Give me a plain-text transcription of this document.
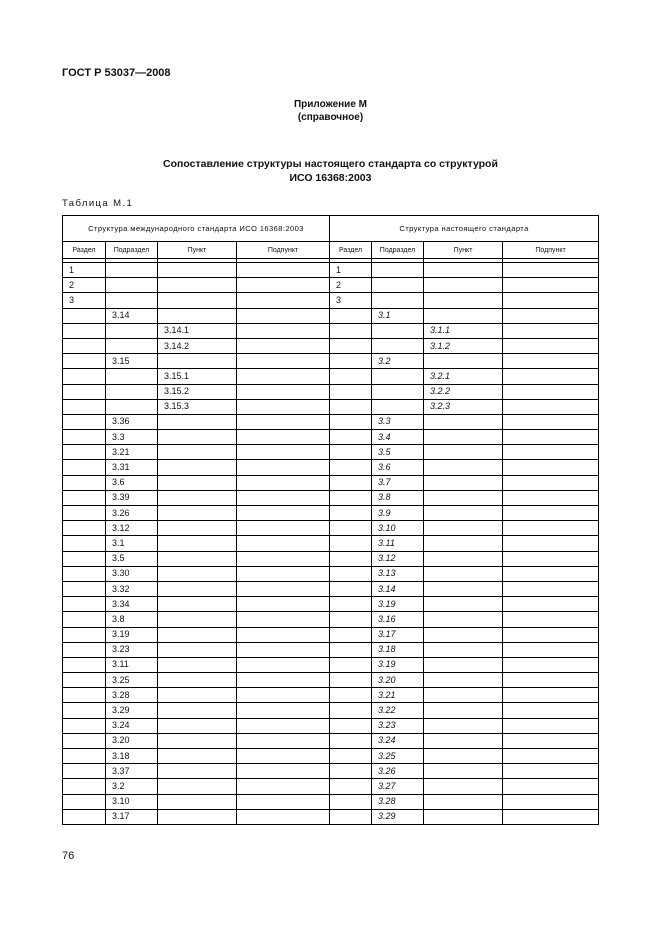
ГОСТ Р 53037—2008
Приложение М
(справочное)
Сопоставление структуры настоящего стандарта со структурой
ИСО 16368:2003
Таблица М.1
Структура международного стандарта ИСО 16368:2003				Структура настоящего стандарта			
Раздел	Подраздел	Пункт	Подпункт	Раздел	Подраздел	Пункт	Подпункт

1				1			
2				2			
3				3			
	3.14				3.1		
		3.14.1				3.1.1	
		3.14.2				3.1.2	
	3.15				3.2		
		3.15.1				3.2.1	
		3.15.2				3.2.2	
		3.15.3				3.2.3	
	3.36				3.3		
	3.3				3.4		
	3.21				3.5		
	3.31				3.6		
	3.6				3.7		
	3.39				3.8		
	3.26				3.9		
	3.12				3.10		
	3.1				3.11		
	3.5				3.12		
	3.30				3.13		
	3.32				3.14		
	3.34				3.19		
	3.8				3.16		
	3.19				3.17		
	3.23				3.18		
	3.11				3.19		
	3.25				3.20		
	3.28				3.21		
	3.29				3.22		
	3.24				3.23		
	3.20				3.24		
	3.18				3.25		
	3.37				3.26		
	3.2				3.27		
	3.10				3.28		
	3.17				3.29		
76
